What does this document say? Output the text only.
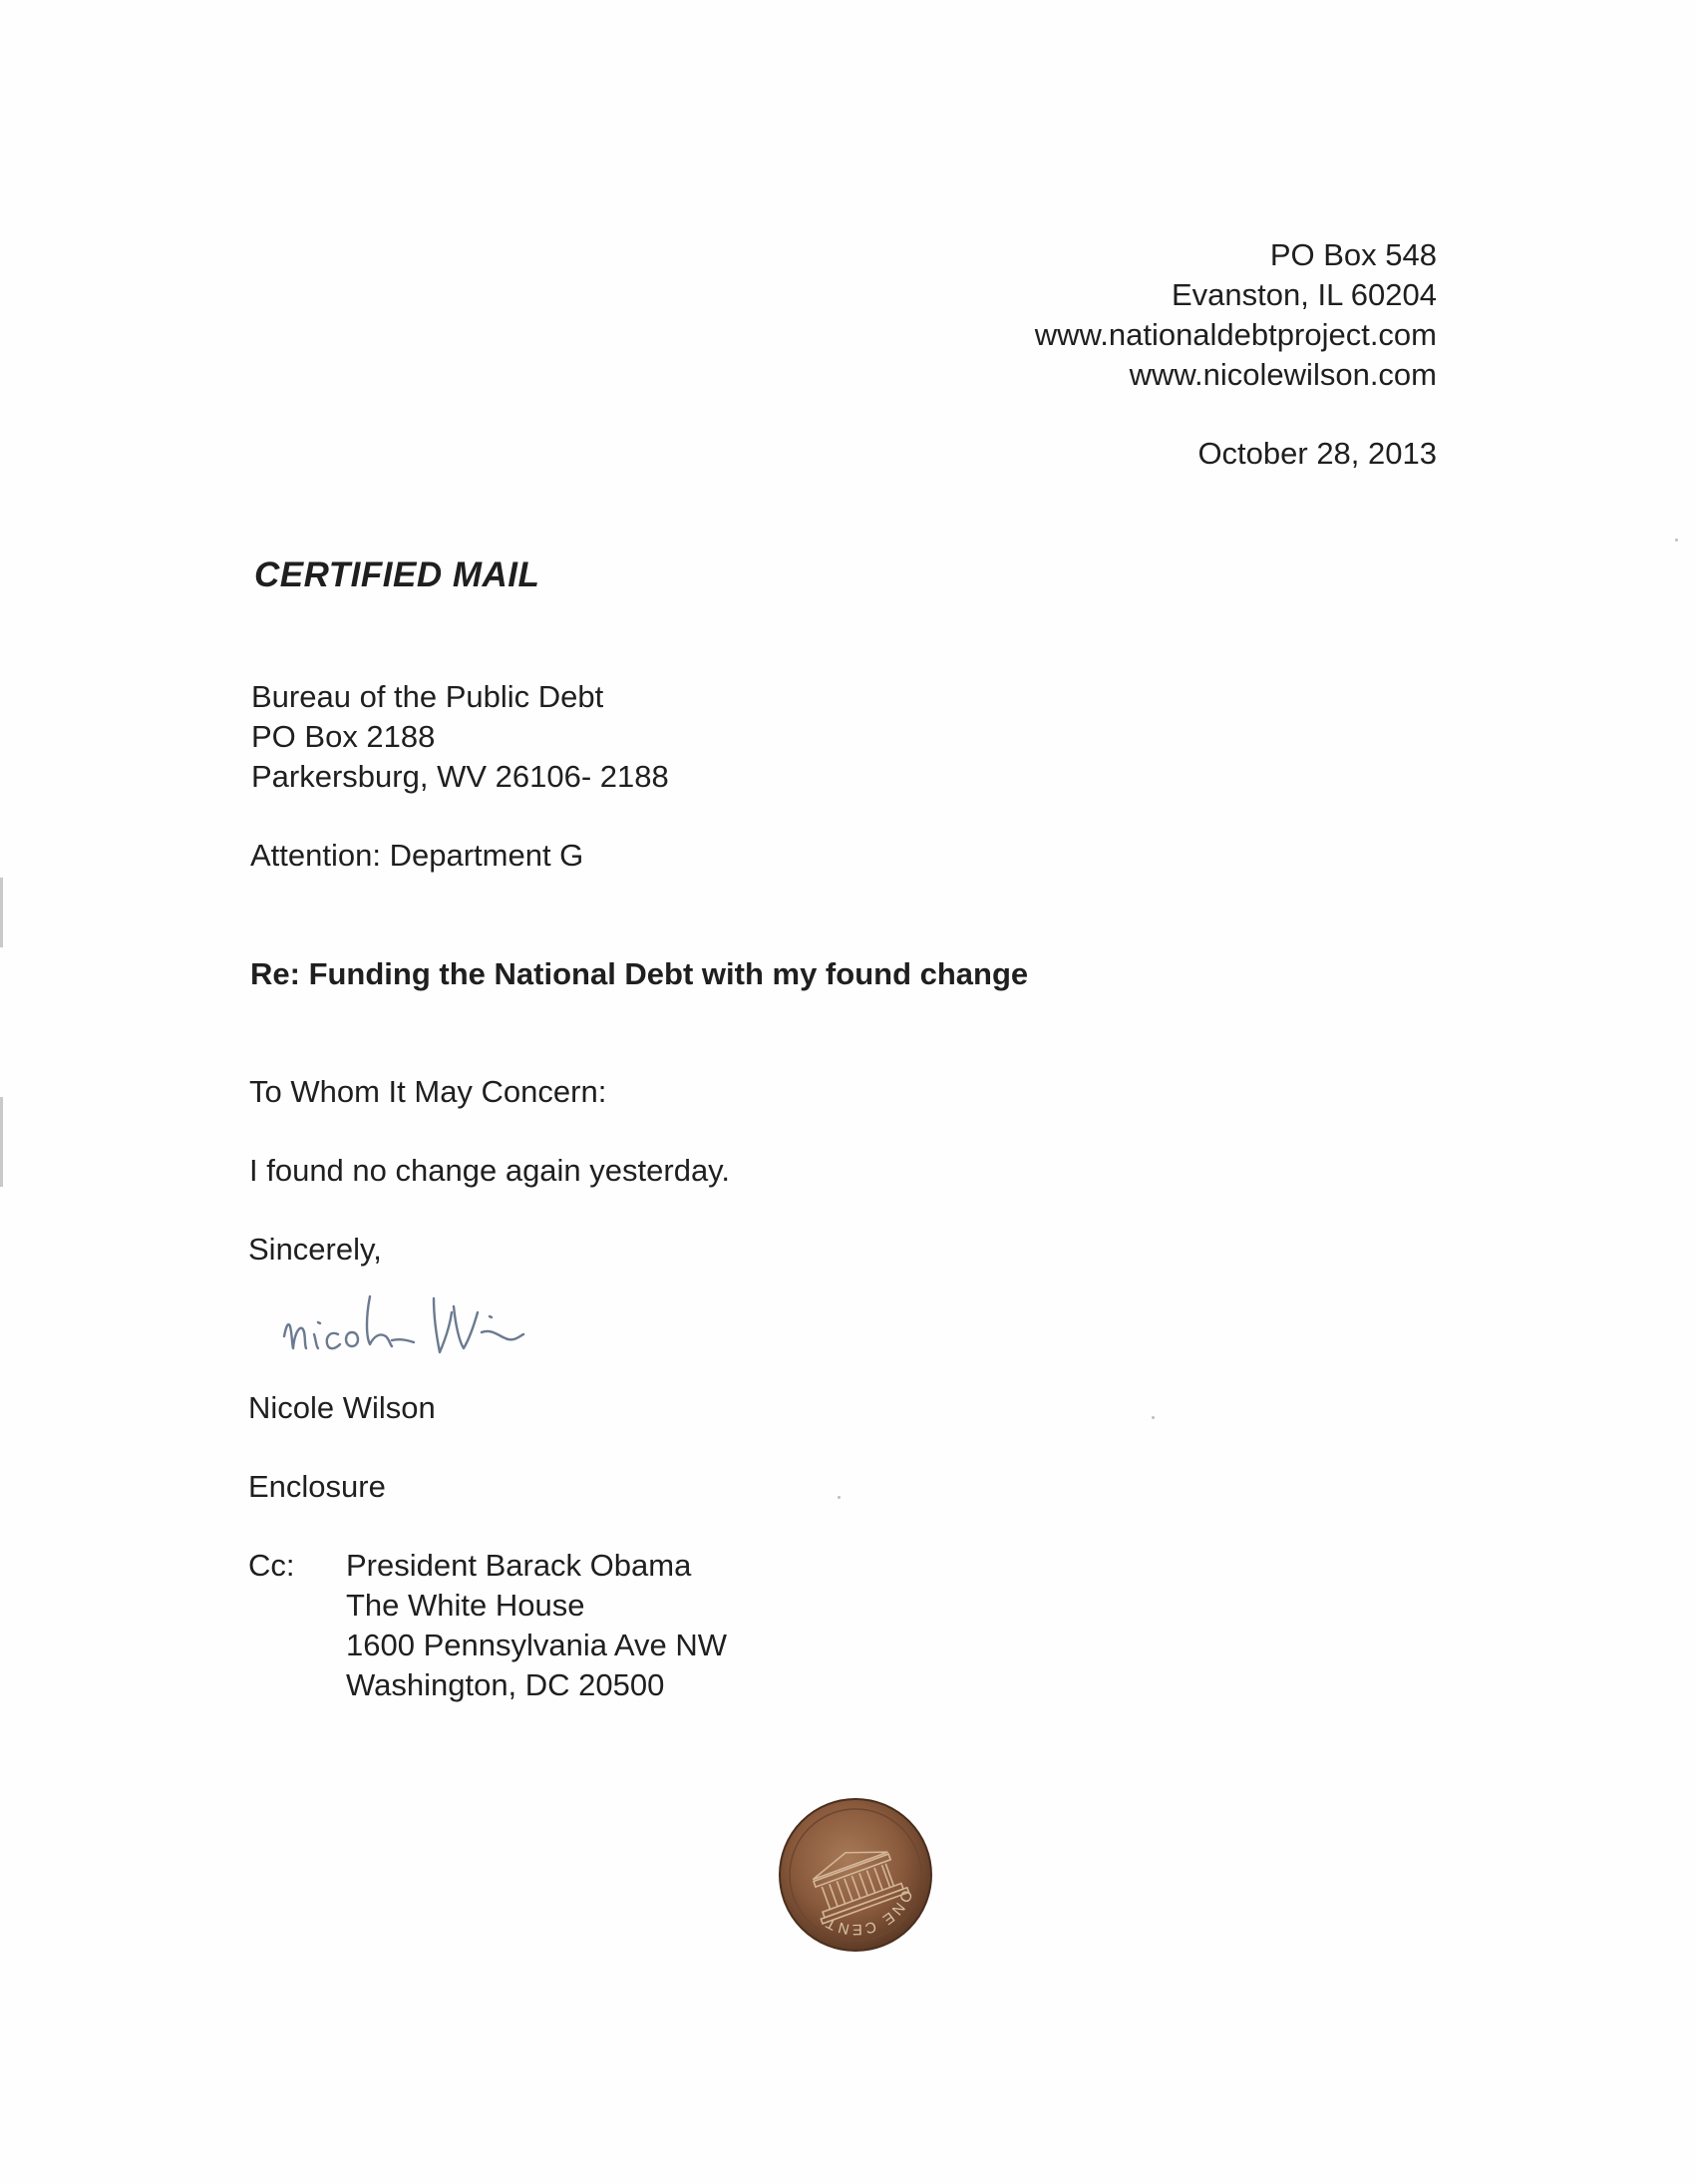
PO Box 548
Evanston, IL 60204
www.nationaldebtproject.com
www.nicolewilson.com
October 28, 2013
CERTIFIED MAIL
Bureau of the Public Debt
PO Box 2188
Parkersburg, WV 26106- 2188
Attention: Department G
Re: Funding the National Debt with my found change
To Whom It May Concern:
I found no change again yesterday.
Sincerely,
Nicole Wilson
Enclosure
Cc: President Barack Obama
The White House
1600 Pennsylvania Ave NW
Washington, DC 20500
ONE CENT
